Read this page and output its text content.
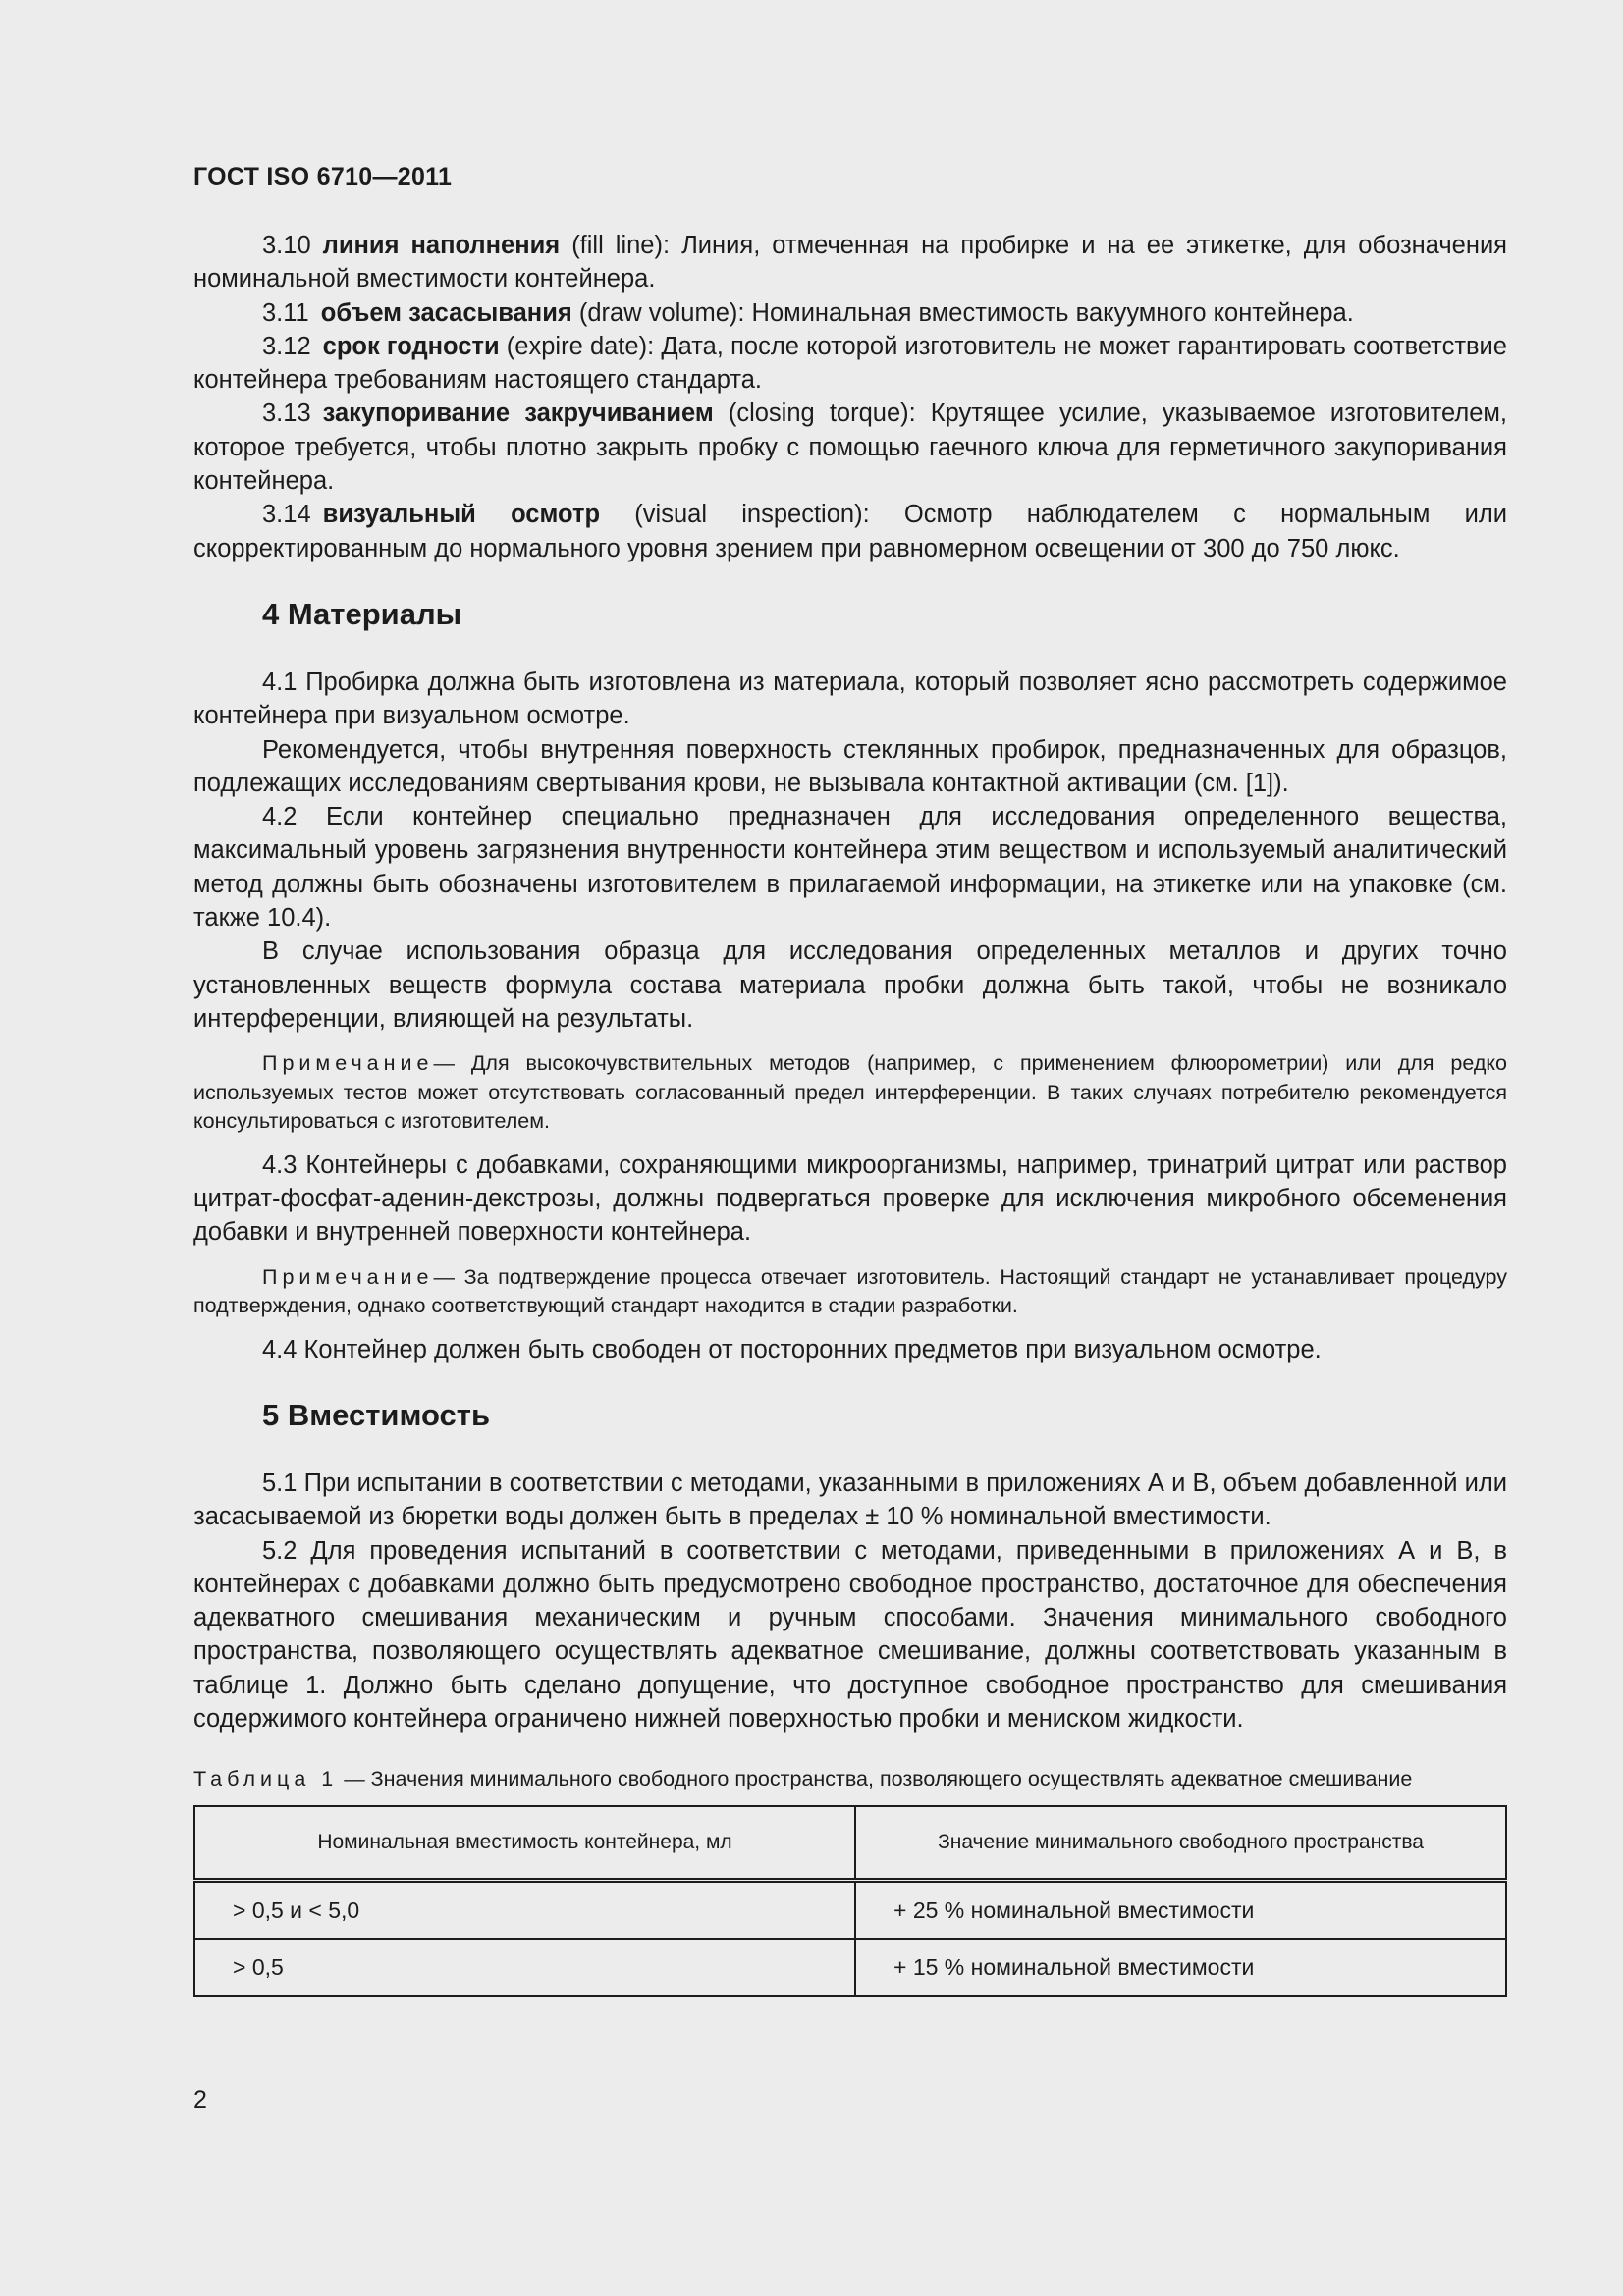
ГОСТ ISO 6710—2011

3.10 линия наполнения (fill line): Линия, отмеченная на пробирке и на ее этикетке, для обозначения номинальной вместимости контейнера.

3.11 объем засасывания (draw volume): Номинальная вместимость вакуумного контейнера.

3.12 срок годности (expire date): Дата, после которой изготовитель не может гарантировать соответствие контейнера требованиям настоящего стандарта.

3.13 закупоривание закручиванием (closing torque): Крутящее усилие, указываемое изготовителем, которое требуется, чтобы плотно закрыть пробку с помощью гаечного ключа для герметичного закупоривания контейнера.

3.14 визуальный осмотр (visual inspection): Осмотр наблюдателем с нормальным или скорректированным до нормального уровня зрением при равномерном освещении от 300 до 750 люкс.

4 Материалы

4.1 Пробирка должна быть изготовлена из материала, который позволяет ясно рассмотреть содержимое контейнера при визуальном осмотре.

Рекомендуется, чтобы внутренняя поверхность стеклянных пробирок, предназначенных для образцов, подлежащих исследованиям свертывания крови, не вызывала контактной активации (см. [1]).

4.2 Если контейнер специально предназначен для исследования определенного вещества, максимальный уровень загрязнения внутренности контейнера этим веществом и используемый аналитический метод должны быть обозначены изготовителем в прилагаемой информации, на этикетке или на упаковке (см. также 10.4).

В случае использования образца для исследования определенных металлов и других точно установленных веществ формула состава материала пробки должна быть такой, чтобы не возникало интерференции, влияющей на результаты.

Примечание— Для высокочувствительных методов (например, с применением флюорометрии) или для редко используемых тестов может отсутствовать согласованный предел интерференции. В таких случаях потребителю рекомендуется консультироваться с изготовителем.

4.3 Контейнеры с добавками, сохраняющими микроорганизмы, например, тринатрий цитрат или раствор цитрат-фосфат-аденин-декстрозы, должны подвергаться проверке для исключения микробного обсеменения добавки и внутренней поверхности контейнера.

Примечание— За подтверждение процесса отвечает изготовитель. Настоящий стандарт не устанавливает процедуру подтверждения, однако соответствующий стандарт находится в стадии разработки.

4.4 Контейнер должен быть свободен от посторонних предметов при визуальном осмотре.

5 Вместимость

5.1 При испытании в соответствии с методами, указанными в приложениях А и В, объем добавленной или засасываемой из бюретки воды должен быть в пределах ± 10 % номинальной вместимости.

5.2 Для проведения испытаний в соответствии с методами, приведенными в приложениях А и В, в контейнерах с добавками должно быть предусмотрено свободное пространство, достаточное для обеспечения адекватного смешивания механическим и ручным способами. Значения минимального свободного пространства, позволяющего осуществлять адекватное смешивание, должны соответствовать указанным в таблице 1. Должно быть сделано допущение, что доступное свободное пространство для смешивания содержимого контейнера ограничено нижней поверхностью пробки и мениском жидкости.

Таблица 1 — Значения минимального свободного пространства, позволяющего осуществлять адекватное смешивание
Номинальная вместимость контейнера, мл	Значение минимального свободного пространства
> 0,5 и < 5,0	+ 25 % номинальной вместимости
> 0,5	+ 15 % номинальной вместимости
2
